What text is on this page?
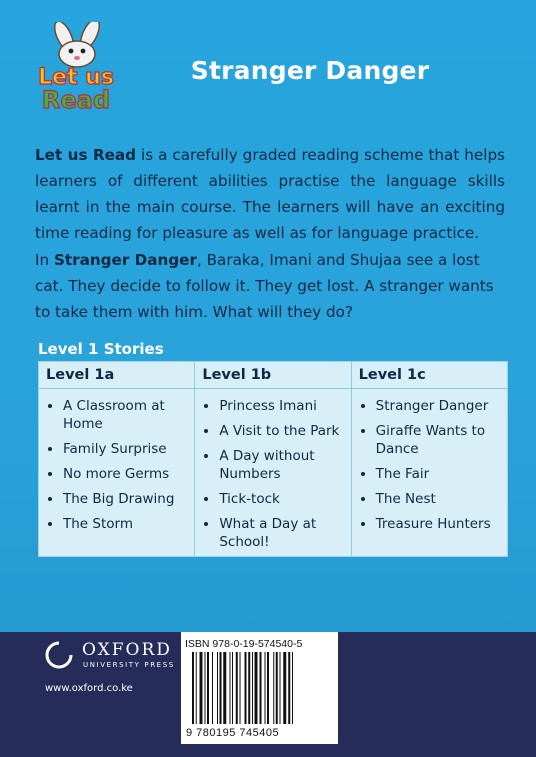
Let us
Read
Stranger Danger

Let us Read is a carefully graded reading scheme that helps learners of different abilities practise the language skills learnt in the main course. The learners will have an exciting time reading for pleasure as well as for language practice.

In Stranger Danger, Baraka, Imani and Shujaa see a lost cat. They decide to follow it. They get lost. A stranger wants to take them with him. What will they do?

Level 1 Stories
Level 1a
A Classroom at Home
Family Surprise
No more Germs
The Big Drawing
The Storm
Level 1b
Princess Imani
A Visit to the Park
A Day without Numbers
Tick-tock
What a Day at School!
Level 1c
Stranger Danger
Giraffe Wants to Dance
The Fair
The Nest
Treasure Hunters
OXFORD
UNIVERSITY PRESS
www.oxford.co.ke
ISBN 978-0-19-574540-5
9 780195 745405
